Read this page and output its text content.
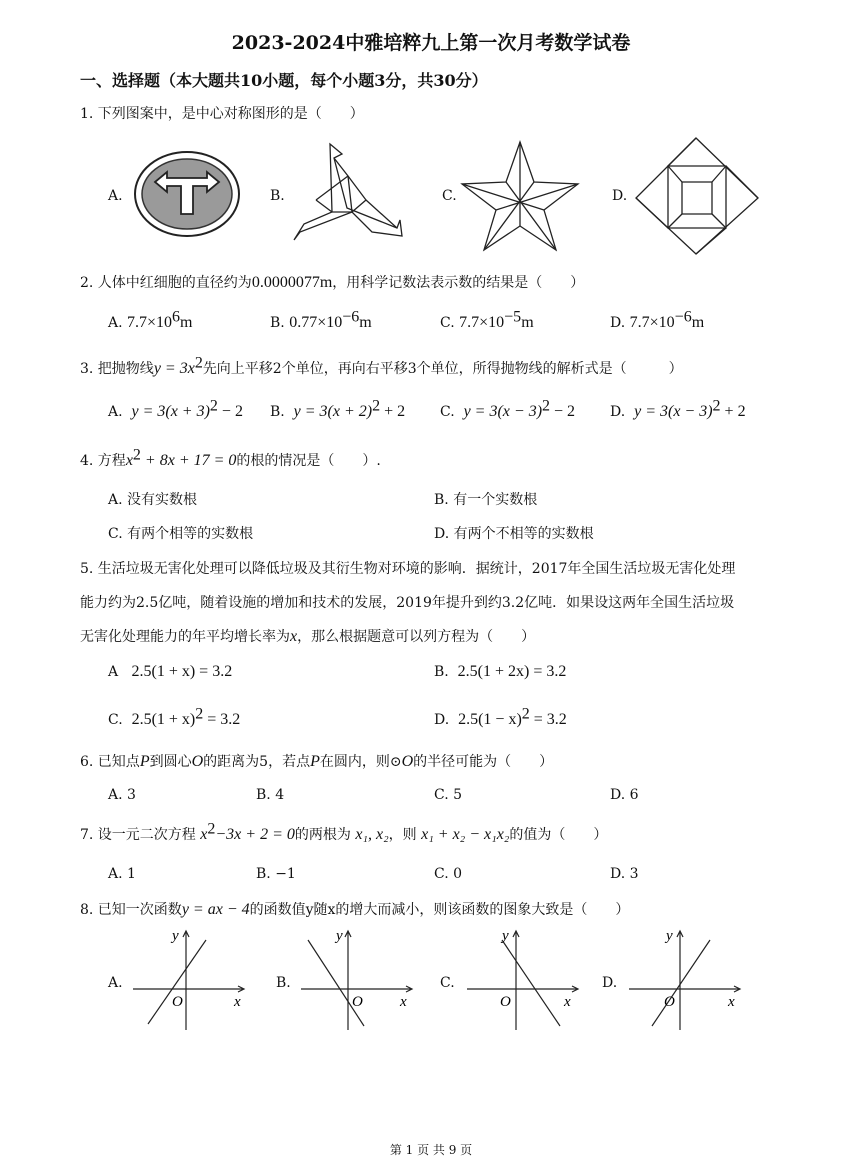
2023-2024中雅培粹九上第一次月考数学试卷
一、选择题（本大题共10小题，每个小题3分，共30分）
1. 下列图案中，是中心对称图形的是（　　）
A.	B.	C.	D.
2. 人体中红细胞的直径约为0.0000077m，用科学记数法表示数的结果是（　　）
A. $7.7\times 10^6m$	B. $0.77\times 10^{-6}m$	C. $7.7\times 10^{-5}m$	D. $7.7\times 10^{-6}m$
3. 把抛物线$y = 3x^2$先向上平移2个单位，再向右平移3个单位，所得抛物线的解析式是（　　　）
A. $y = 3(x + 3)^2 - 2$ B. $y = 3(x + 2)^2 + 2$ C. $y = 3(x - 3)^2 - 2$ D. $y = 3(x - 3)^2 + 2$
4. 方程$x^2 + 8x + 17 = 0$的根的情况是（　　）.
A. 没有实数根	B. 有一个实数根
C. 有两个相等的实数根	D. 有两个不相等的实数根
5. 生活垃圾无害化处理可以降低垃圾及其衍生物对环境的影响．据统计，2017年全国生活垃圾无害化处理
能力约为2.5亿吨，随着设施的增加和技术的发展，2019年提升到约3.2亿吨．如果设这两年全国生活垃圾
无害化处理能力的年平均增长率为x，那么根据题意可以列方程为（　　）
A 2.5(1 + x) = 3.2	B. 2.5(1 + 2x) = 3.2
C. $2.5(1 + x)^2 = 3.2$	D. $2.5(1 - x)^2 = 3.2$
6. 已知点P到圆心O的距离为5，若点P在圆内，则⊙O的半径可能为（　　）
A. 3	B. 4	C. 5	D. 6
7. 设一元二次方程 $x^2-3x + 2 = 0$的两根为 x₁, x₂，则 x₁ + x₂ − x₁x₂的值为（　　）
A. 1	B. −1	C. 0	D. 3
8. 已知一次函数y = ax − 4的函数值y随x的增大而减小，则该函数的图象大致是（　　）
A.	B.	C.	D.
y
x
O
y
x
O
y
x
O
y
x
O
第 1 页 共 9 页
